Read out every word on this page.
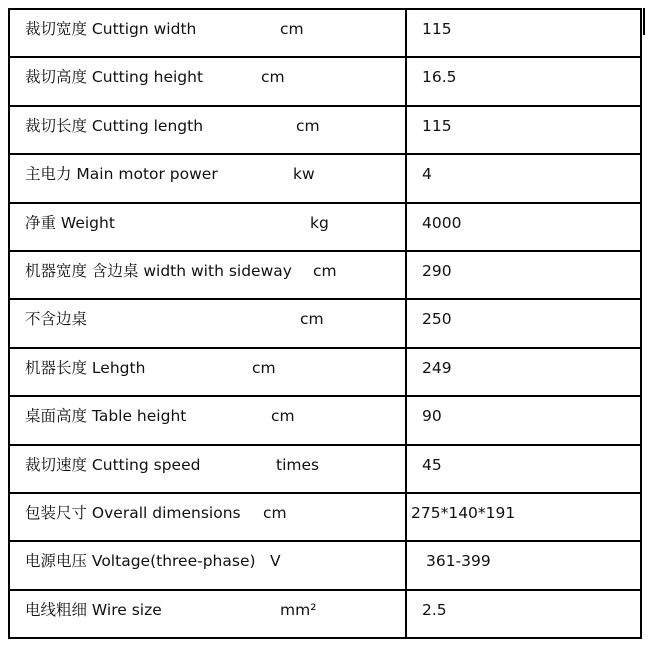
裁切宽度 Cuttign width cm	115

裁切高度 Cutting height cm	16.5

裁切长度 Cutting length cm	115

主电力 Main motor power kw	4

净重 Weight kg	4000

机器宽度 含边桌 width with sideway cm	290

不含边桌 cm	250

机器长度 Lehgth cm	249

桌面高度 Table height cm	90

裁切速度 Cutting speed times	45

包装尺寸 Overall dimensions cm	275*140*191

电源电压 Voltage(three-phase) V	361-399

电线粗细 Wire size mm²	2.5
